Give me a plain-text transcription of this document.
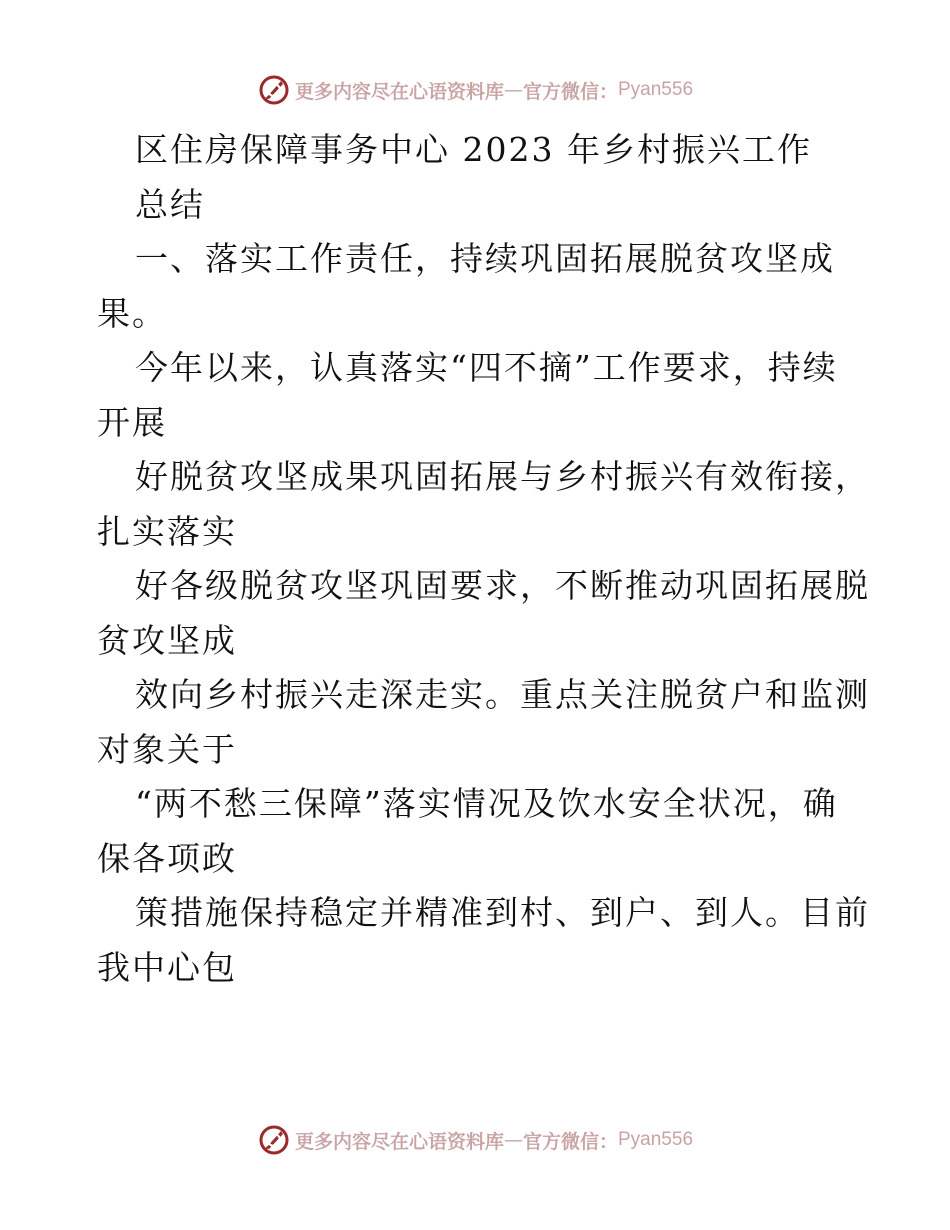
更多内容尽在心语资料库 — 官方微信： Pyan556
区住房保障事务中心 2023 年乡村振兴工作
总结
一、落实工作责任，持续巩固拓展脱贫攻坚成
果。
今年以来，认真落实“四不摘”工作要求，持续
开展
好脱贫攻坚成果巩固拓展与乡村振兴有效衔接，
扎实落实
好各级脱贫攻坚巩固要求，不断推动巩固拓展脱
贫攻坚成
效向乡村振兴走深走实。重点关注脱贫户和监测
对象关于
“两不愁三保障”落实情况及饮水安全状况，确
保各项政
策措施保持稳定并精准到村、到户、到人。目前
我中心包
更多内容尽在心语资料库 — 官方微信： Pyan556
